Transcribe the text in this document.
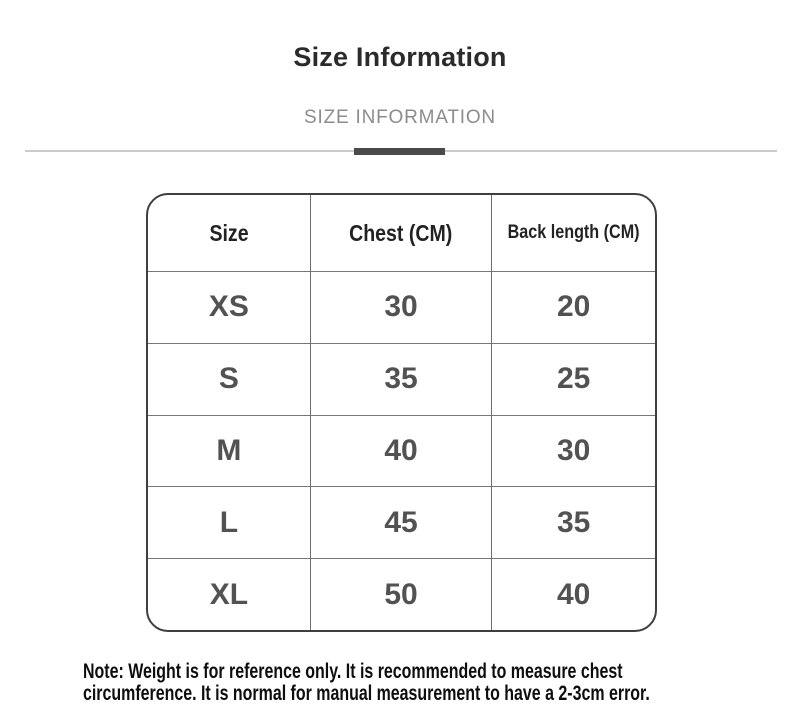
Size Information
SIZE INFORMATION
Size	Chest (CM)	Back length (CM)
XS	30	20
S	35	25
M	40	30
L	45	35
XL	50	40
Note: Weight is for reference only. It is recommended to measure chest
circumference. It is normal for manual measurement to have a 2-3cm error.
